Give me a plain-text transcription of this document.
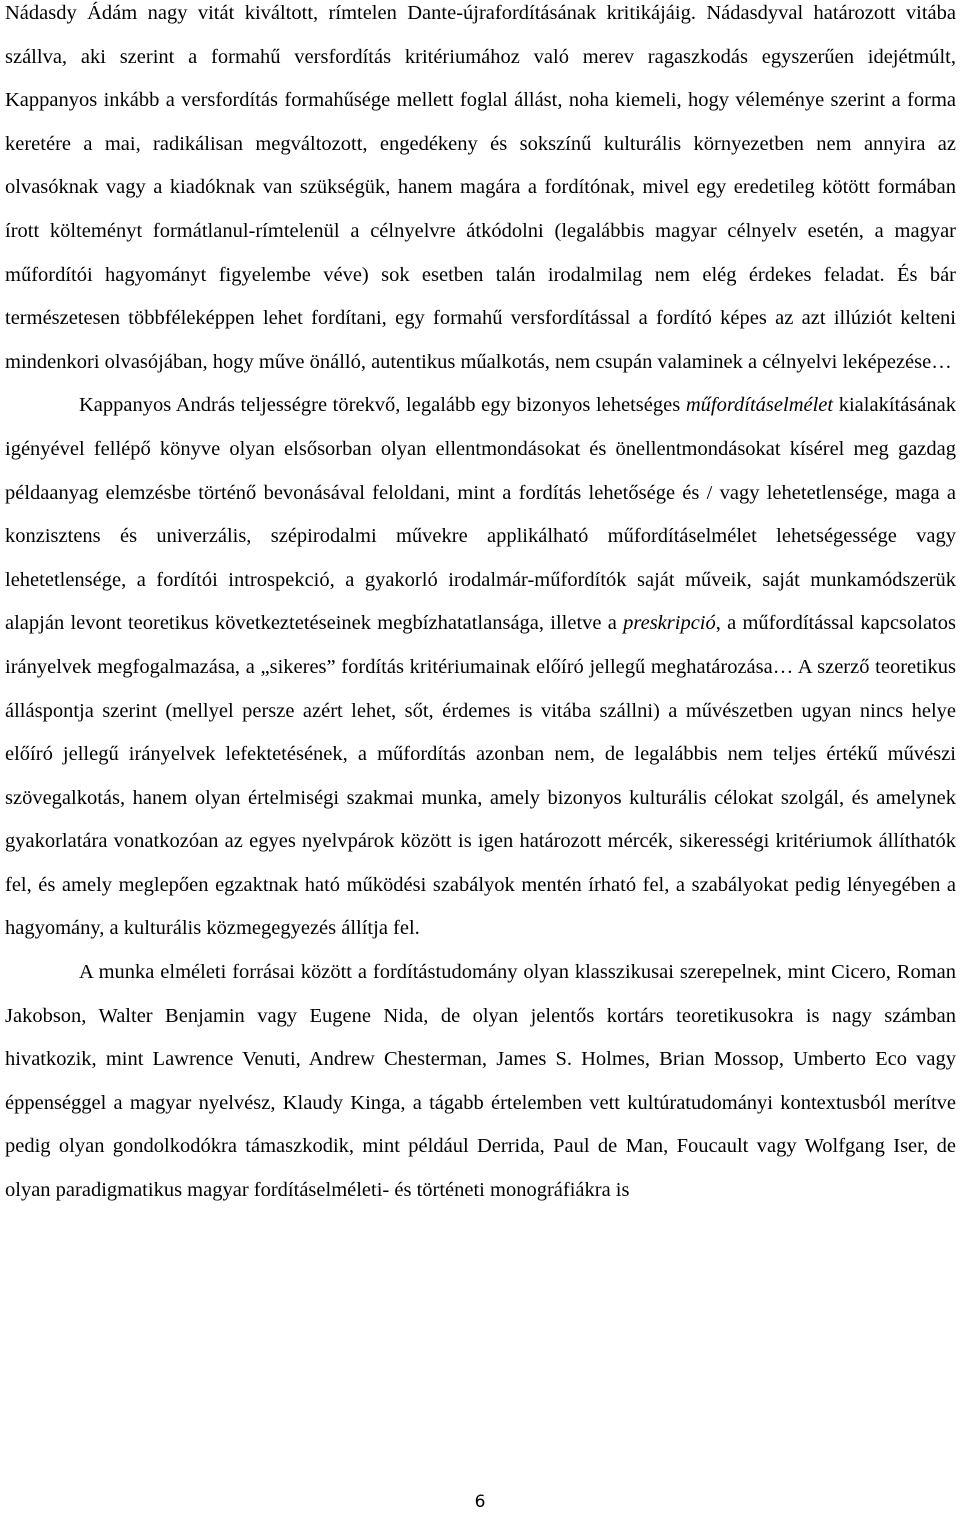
Nádasdy Ádám nagy vitát kiváltott, rímtelen Dante-újrafordításának kritikájáig. Nádasdyval határozott vitába szállva, aki szerint a formahű versfordítás kritériumához való merev ragaszkodás egyszerűen idejétmúlt, Kappanyos inkább a versfordítás formahűsége mellett foglal állást, noha kiemeli, hogy véleménye szerint a forma keretére a mai, radikálisan megváltozott, engedékeny és sokszínű kulturális környezetben nem annyira az olvasóknak vagy a kiadóknak van szükségük, hanem magára a fordítónak, mivel egy eredetileg kötött formában írott költeményt formátlanul-rímtelenül a célnyelvre átkódolni (legalábbis magyar célnyelv esetén, a magyar műfordítói hagyományt figyelembe véve) sok esetben talán irodalmilag nem elég érdekes feladat. És bár természetesen többféleképpen lehet fordítani, egy formahű versfordítással a fordító képes az azt illúziót kelteni mindenkori olvasójában, hogy műve önálló, autentikus műalkotás, nem csupán valaminek a célnyelvi leképezése…

Kappanyos András teljességre törekvő, legalább egy bizonyos lehetséges műfordításelmélet kialakításának igényével fellépő könyve olyan elsősorban olyan ellentmondásokat és önellentmondásokat kísérel meg gazdag példaanyag elemzésbe történő bevonásával feloldani, mint a fordítás lehetősége és / vagy lehetetlensége, maga a konzisztens és univerzális, szépirodalmi művekre applikálható műfordításelmélet lehetségessége vagy lehetetlensége, a fordítói introspekció, a gyakorló irodalmár-műfordítók saját műveik, saját munkamódszerük alapján levont teoretikus következtetéseinek megbízhatatlansága, illetve a preskripció, a műfordítással kapcsolatos irányelvek megfogalmazása, a „sikeres” fordítás kritériumainak előíró jellegű meghatározása… A szerző teoretikus álláspontja szerint (mellyel persze azért lehet, sőt, érdemes is vitába szállni) a művészetben ugyan nincs helye előíró jellegű irányelvek lefektetésének, a műfordítás azonban nem, de legalábbis nem teljes értékű művészi szövegalkotás, hanem olyan értelmiségi szakmai munka, amely bizonyos kulturális célokat szolgál, és amelynek gyakorlatára vonatkozóan az egyes nyelvpárok között is igen határozott mércék, sikerességi kritériumok állíthatók fel, és amely meglepően egzaktnak ható működési szabályok mentén írható fel, a szabályokat pedig lényegében a hagyomány, a kulturális közmegegyezés állítja fel.

A munka elméleti forrásai között a fordítástudomány olyan klasszikusai szerepelnek, mint Cicero, Roman Jakobson, Walter Benjamin vagy Eugene Nida, de olyan jelentős kortárs teoretikusokra is nagy számban hivatkozik, mint Lawrence Venuti, Andrew Chesterman, James S. Holmes, Brian Mossop, Umberto Eco vagy éppenséggel a magyar nyelvész, Klaudy Kinga, a tágabb értelemben vett kultúratudományi kontextusból merítve pedig olyan gondolkodókra támaszkodik, mint például Derrida, Paul de Man, Foucault vagy Wolfgang Iser, de olyan paradigmatikus magyar fordításelméleti- és történeti monográfiákra is

6
